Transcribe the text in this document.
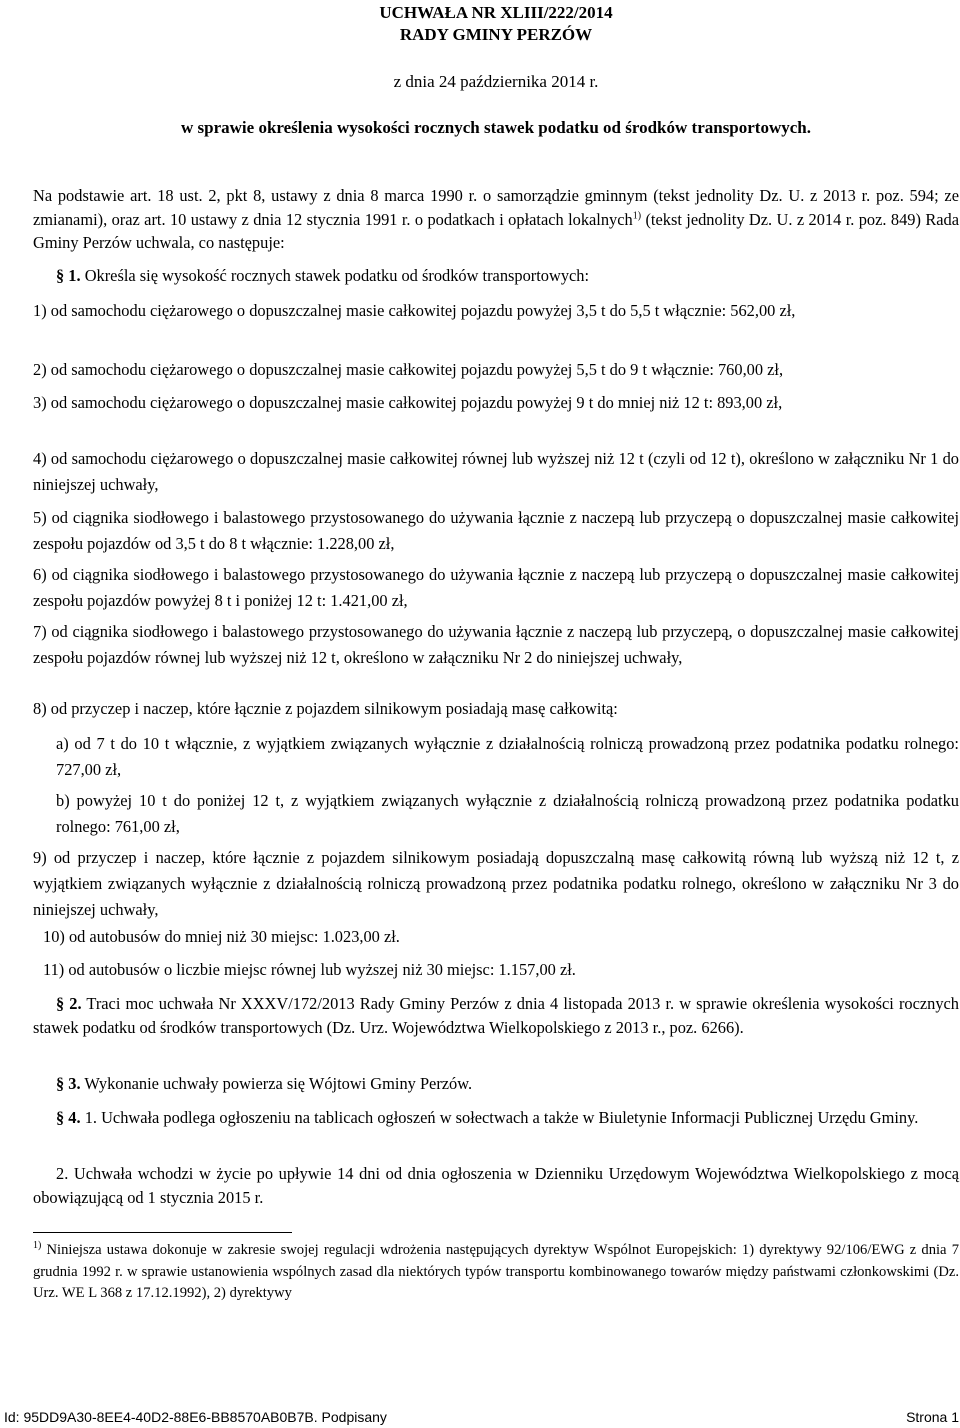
UCHWAŁA NR XLIII/222/2014
RADY GMINY PERZÓW
z dnia 24 października 2014 r.
w sprawie określenia wysokości rocznych stawek podatku od środków transportowych.
Na podstawie art. 18 ust. 2, pkt 8, ustawy z dnia 8 marca 1990 r. o samorządzie gminnym (tekst jednolity Dz. U. z 2013 r. poz. 594; ze zmianami), oraz art. 10 ustawy z dnia 12 stycznia 1991 r. o podatkach i opłatach lokalnych$^{1)}$ (tekst jednolity Dz. U. z 2014 r. poz. 849) Rada Gminy Perzów uchwala, co następuje:
§ 1. Określa się wysokość rocznych stawek podatku od środków transportowych:
1) od samochodu ciężarowego o dopuszczalnej masie całkowitej pojazdu powyżej 3,5 t do 5,5 t włącznie: 562,00 zł,
2) od samochodu ciężarowego o dopuszczalnej masie całkowitej pojazdu powyżej 5,5 t do 9 t włącznie: 760,00 zł,
3) od samochodu ciężarowego o dopuszczalnej masie całkowitej pojazdu powyżej 9 t do mniej niż 12 t: 893,00 zł,
4) od samochodu ciężarowego o dopuszczalnej masie całkowitej równej lub wyższej niż 12 t (czyli od 12 t), określono w załączniku Nr 1 do niniejszej uchwały,
5) od ciągnika siodłowego i balastowego przystosowanego do używania łącznie z naczepą lub przyczepą o dopuszczalnej masie całkowitej zespołu pojazdów od 3,5 t do 8 t włącznie: 1.228,00 zł,
6) od ciągnika siodłowego i balastowego przystosowanego do używania łącznie z naczepą lub przyczepą o dopuszczalnej masie całkowitej zespołu pojazdów powyżej 8 t i poniżej 12 t: 1.421,00 zł,
7) od ciągnika siodłowego i balastowego przystosowanego do używania łącznie z naczepą lub przyczepą, o dopuszczalnej masie całkowitej zespołu pojazdów równej lub wyższej niż 12 t, określono w załączniku Nr 2 do niniejszej uchwały,
8) od przyczep i naczep, które łącznie z pojazdem silnikowym posiadają masę całkowitą:
a) od 7 t do 10 t włącznie, z wyjątkiem związanych wyłącznie z działalnością rolniczą prowadzoną przez podatnika podatku rolnego: 727,00 zł,
b) powyżej 10 t do poniżej 12 t, z wyjątkiem związanych wyłącznie z działalnością rolniczą prowadzoną przez podatnika podatku rolnego: 761,00 zł,
9) od przyczep i naczep, które łącznie z pojazdem silnikowym posiadają dopuszczalną masę całkowitą równą lub wyższą niż 12 t, z wyjątkiem związanych wyłącznie z działalnością rolniczą prowadzoną przez podatnika podatku rolnego, określono w załączniku Nr 3 do niniejszej uchwały,
10) od autobusów do mniej niż 30 miejsc: 1.023,00 zł.
11) od autobusów o liczbie miejsc równej lub wyższej niż 30 miejsc: 1.157,00 zł.
§ 2. Traci moc uchwała Nr XXXV/172/2013 Rady Gminy Perzów z dnia 4 listopada 2013 r. w sprawie określenia wysokości rocznych stawek podatku od środków transportowych (Dz. Urz. Województwa Wielkopolskiego z 2013 r., poz. 6266).
§ 3. Wykonanie uchwały powierza się Wójtowi Gminy Perzów.
§ 4. 1. Uchwała podlega ogłoszeniu na tablicach ogłoszeń w sołectwach a także w Biuletynie Informacji Publicznej Urzędu Gminy.
2. Uchwała wchodzi w życie po upływie 14 dni od dnia ogłoszenia w Dzienniku Urzędowym Województwa Wielkopolskiego z mocą obowiązującą od 1 stycznia 2015 r.
$^{1)}$ Niniejsza ustawa dokonuje w zakresie swojej regulacji wdrożenia następujących dyrektyw Wspólnot Europejskich: 1) dyrektywy 92/106/EWG z dnia 7 grudnia 1992 r. w sprawie ustanowienia wspólnych zasad dla niektórych typów transportu kombinowanego towarów między państwami członkowskimi (Dz. Urz. WE L 368 z 17.12.1992), 2) dyrektywy
Id: 95DD9A30-8EE4-40D2-88E6-BB8570AB0B7B. Podpisany	Strona 1
